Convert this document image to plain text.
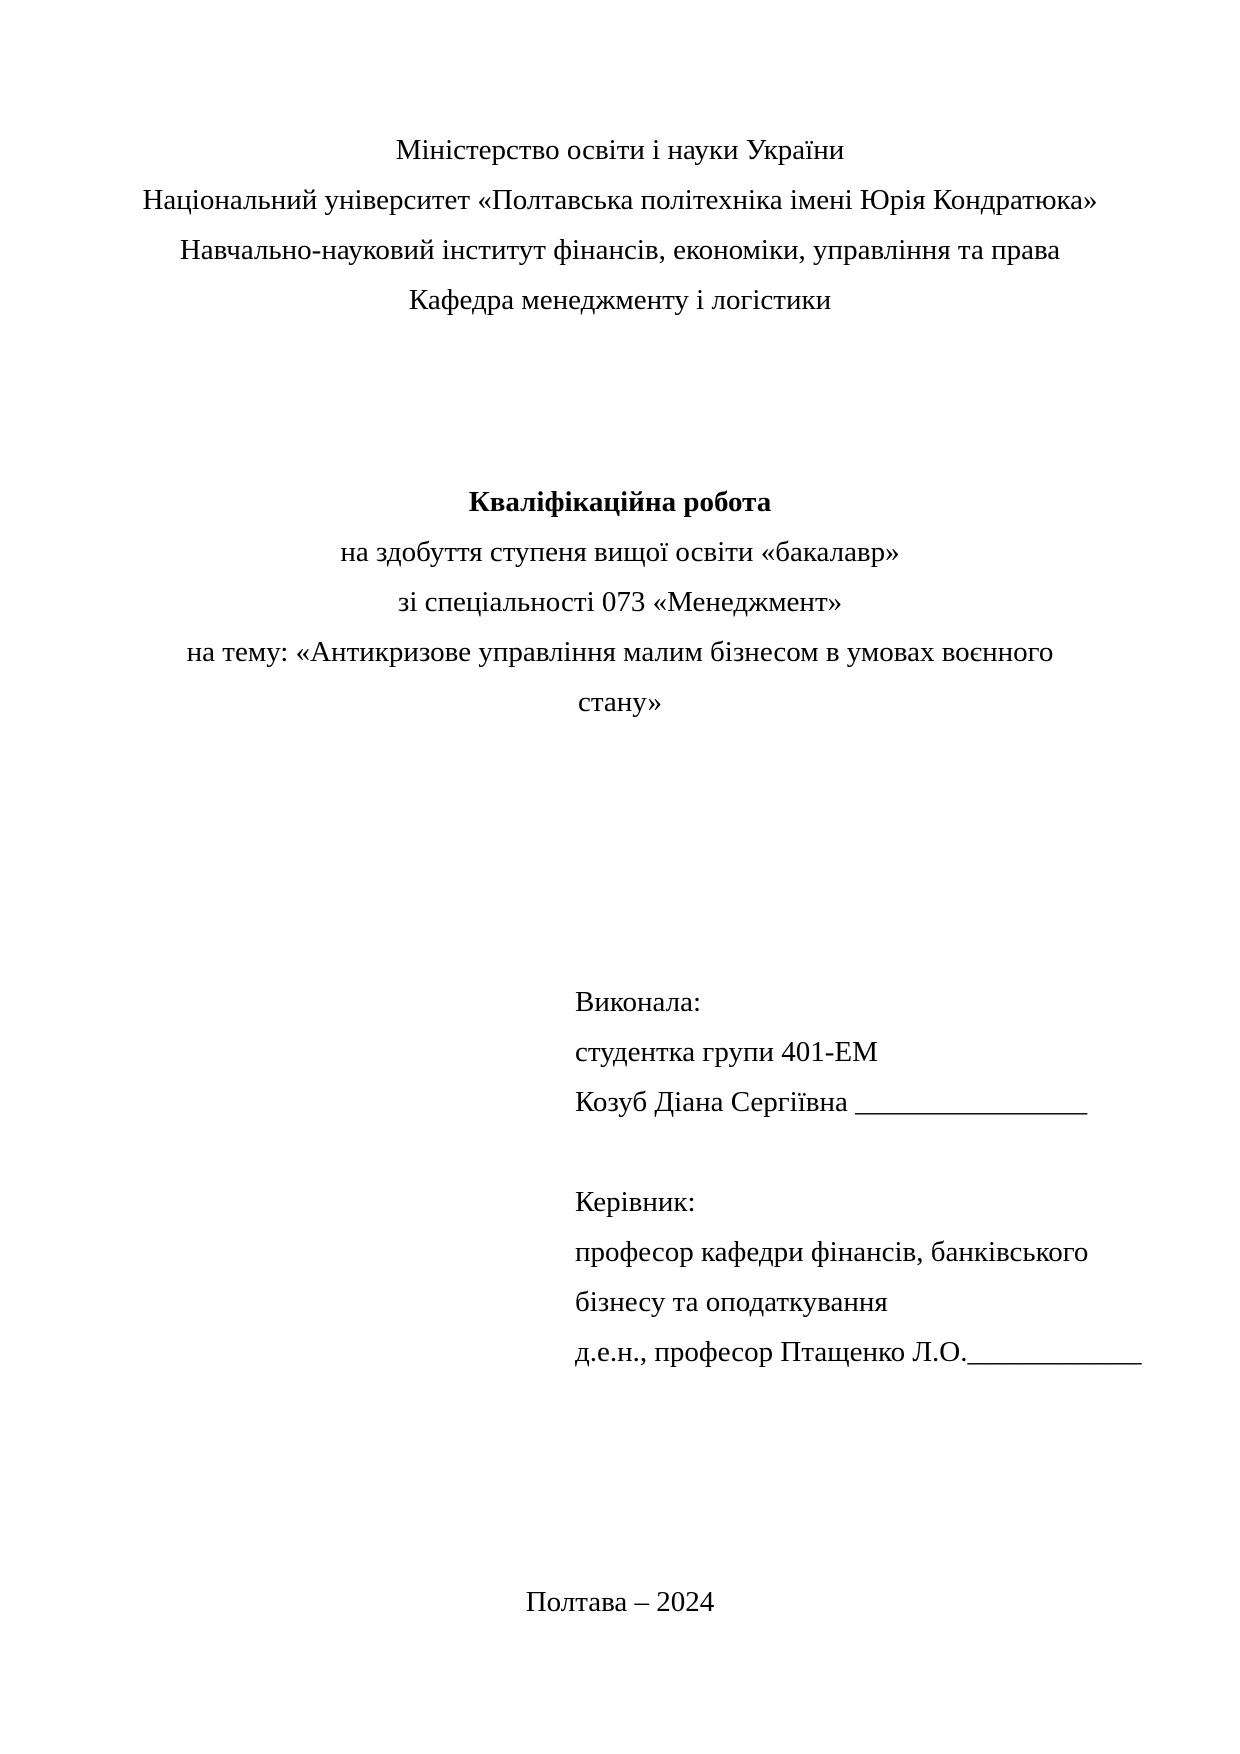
Міністерство освіти і науки України
Національний університет «Полтавська політехніка імені Юрія Кондратюка»
Навчально-науковий інститут фінансів, економіки, управління та права
Кафедра менеджменту і логістики
Кваліфікаційна робота
на здобуття ступеня вищої освіти «бакалавр»
зі спеціальності 073 «Менеджмент»
на тему: «Антикризове управління малим бізнесом в умовах воєнного
стану»
Виконала:
студентка групи 401-ЕМ
Козуб Діана Сергіївна ________________
Керівник:
професор кафедри фінансів, банківського
бізнесу та оподаткування
д.е.н., професор Птащенко Л.О.____________
Полтава – 2024
